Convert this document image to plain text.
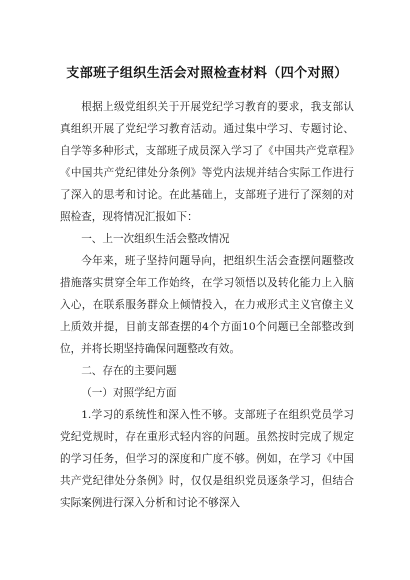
支部班子组织生活会对照检查材料（四个对照）

根据上级党组织关于开展党纪学习教育的要求，我支部认真组织开展了党纪学习教育活动。通过集中学习、专题讨论、自学等多种形式，支部班子成员深入学习了《中国共产党章程》《中国共产党纪律处分条例》等党内法规并结合实际工作进行了深入的思考和讨论。在此基础上，支部班子进行了深刻的对照检查，现将情况汇报如下：

一、上一次组织生活会整改情况

今年来，班子坚持问题导向，把组织生活会查摆问题整改措施落实贯穿全年工作始终，在学习领悟以及转化能力上入脑入心，在联系服务群众上倾情投入，在力戒形式主义官僚主义上质效并提，目前支部查摆的4个方面10个问题已全部整改到位，并将长期坚持确保问题整改有效。

二、存在的主要问题

（一）对照学纪方面

1.学习的系统性和深入性不够。支部班子在组织党员学习党纪党规时，存在重形式轻内容的问题。虽然按时完成了规定的学习任务，但学习的深度和广度不够。例如，在学习《中国共产党纪律处分条例》时，仅仅是组织党员逐条学习，但结合实际案例进行深入分析和讨论不够深入
